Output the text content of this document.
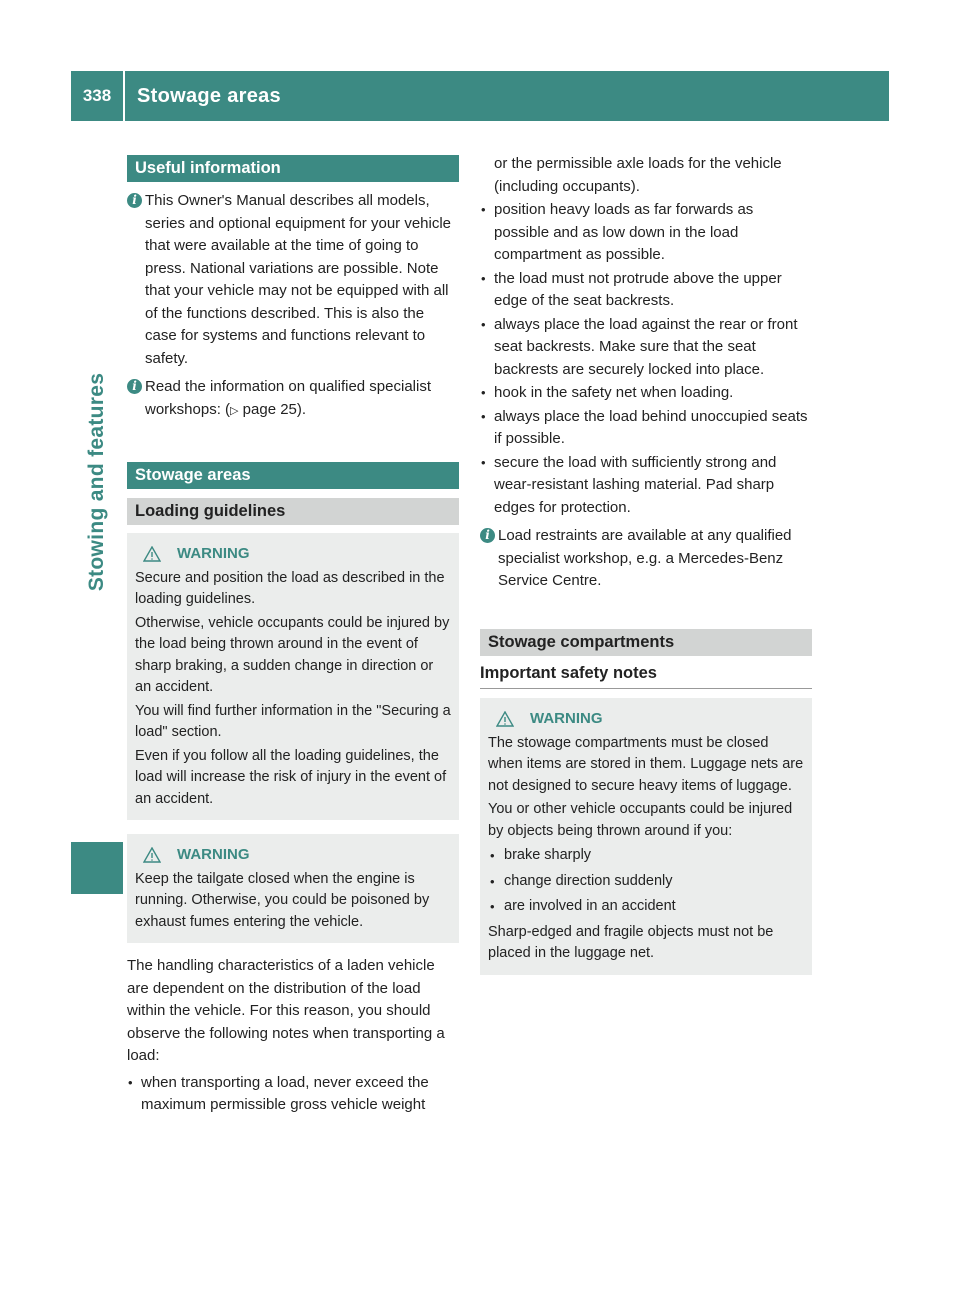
338	Stowage areas
Stowing and features
Useful information
i This Owner's Manual describes all models, series and optional equipment for your vehicle that were available at the time of going to press. National variations are possible. Note that your vehicle may not be equipped with all of the functions described. This is also the case for systems and functions relevant to safety.
i Read the information on qualified specialist workshops: (▷ page 25).
Stowage areas
Loading guidelines
WARNING

Secure and position the load as described in the loading guidelines.

Otherwise, vehicle occupants could be injured by the load being thrown around in the event of sharp braking, a sudden change in direction or an accident.

You will find further information in the "Securing a load" section.

Even if you follow all the loading guidelines, the load will increase the risk of injury in the event of an accident.

WARNING

Keep the tailgate closed when the engine is running. Otherwise, you could be poisoned by exhaust fumes entering the vehicle.

The handling characteristics of a laden vehicle are dependent on the distribution of the load within the vehicle. For this reason, you should observe the following notes when transporting a load:
• when transporting a load, never exceed the maximum permissible gross vehicle weight
or the permissible axle loads for the vehicle (including occupants).
• position heavy loads as far forwards as possible and as low down in the load compartment as possible.
• the load must not protrude above the upper edge of the seat backrests.
• always place the load against the rear or front seat backrests. Make sure that the seat backrests are securely locked into place.
• hook in the safety net when loading.
• always place the load behind unoccupied seats if possible.
• secure the load with sufficiently strong and wear-resistant lashing material. Pad sharp edges for protection.
i Load restraints are available at any qualified specialist workshop, e.g. a Mercedes-Benz Service Centre.
Stowage compartments
Important safety notes
WARNING

The stowage compartments must be closed when items are stored in them. Luggage nets are not designed to secure heavy items of luggage.

You or other vehicle occupants could be injured by objects being thrown around if you:

• brake sharply
• change direction suddenly
• are involved in an accident

Sharp-edged and fragile objects must not be placed in the luggage net.
